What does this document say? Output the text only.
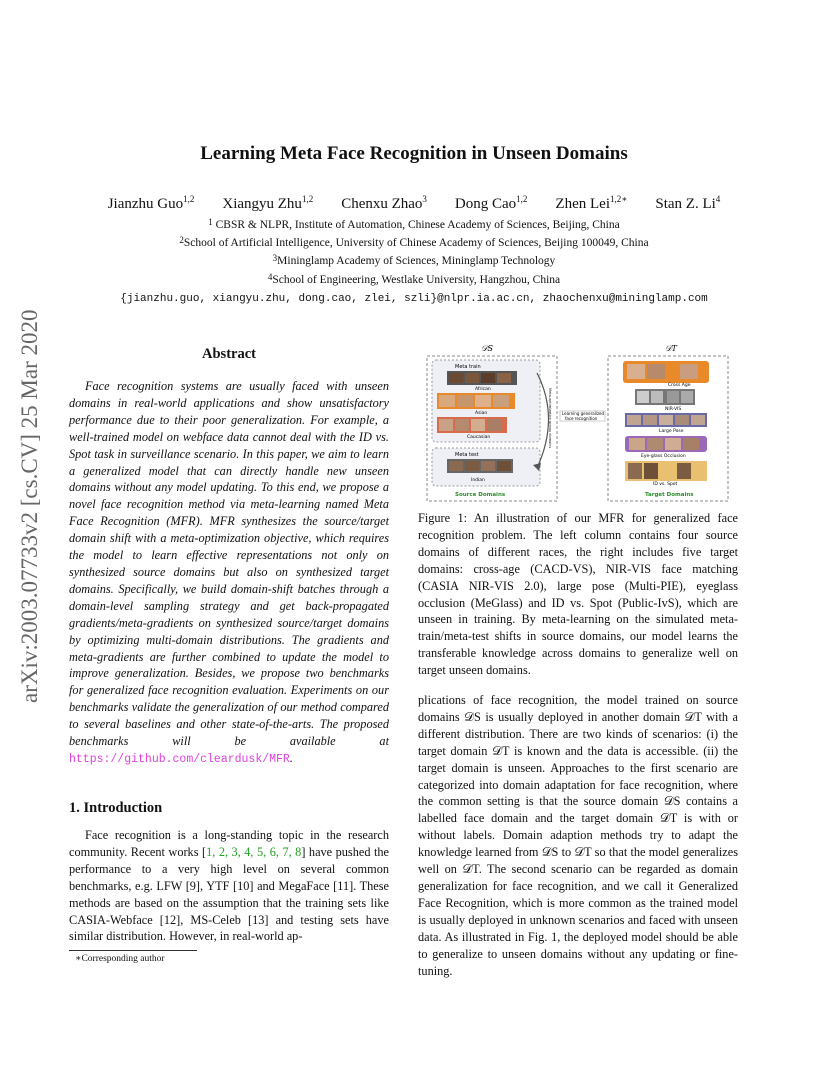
arXiv:2003.07733v2 [cs.CV] 25 Mar 2020
Learning Meta Face Recognition in Unseen Domains
Jianzhu Guo$^{1,2}$ Xiangyu Zhu$^{1,2}$ Chenxu Zhao$^3$ Dong Cao$^{1,2}$ Zhen Lei$^{1,2∗}$ Stan Z. Li$^4$
$^1$ CBSR & NLPR, Institute of Automation, Chinese Academy of Sciences, Beijing, China
$^2$School of Artificial Intelligence, University of Chinese Academy of Sciences, Beijing 100049, China
$^3$Mininglamp Academy of Sciences, Mininglamp Technology
$^4$School of Engineering, Westlake University, Hangzhou, China
{jianzhu.guo, xiangyu.zhu, dong.cao, zlei, szli}@nlpr.ia.ac.cn, zhaochenxu@mininglamp.com
Abstract
Face recognition systems are usually faced with unseen domains in real-world applications and show unsatisfactory performance due to their poor generalization. For example, a well-trained model on webface data cannot deal with the ID vs. Spot task in surveillance scenario. In this paper, we aim to learn a generalized model that can directly handle new unseen domains without any model updating. To this end, we propose a novel face recognition method via meta-learning named Meta Face Recognition (MFR). MFR synthesizes the source/target domain shift with a meta-optimization objective, which requires the model to learn effective representations not only on synthesized source domains but also on synthesized target domains. Specifically, we build domain-shift batches through a domain-level sampling strategy and get back-propagated gradients/meta-gradients on synthesized source/target domains by optimizing multi-domain distributions. The gradients and meta-gradients are further combined to update the model to improve generalization. Besides, we propose two benchmarks for generalized face recognition evaluation. Experiments on our benchmarks validate the generalization of our method compared to several baselines and other state-of-the-arts. The proposed benchmarks will be available at https://github.com/cleardusk/MFR.
1. Introduction
Face recognition is a long-standing topic in the research community. Recent works [1, 2, 3, 4, 5, 6, 7, 8] have pushed the performance to a very high level on several common benchmarks, e.g. LFW [9], YTF [10] and MegaFace [11]. These methods are based on the assumption that the training sets like CASIA-Webface [12], MS-Celeb [13] and testing sets have similar distribution. However, in real-world ap-
∗Corresponding author
𝒟S	𝒟T
Meta train
African
Asian
Caucasian
Meta test
Indian
Source Domains
Meta-optimization across domains	Learning generalized
face recognition
Cross Age
NIR-VIS
Large Pose
Eye-glass Occlusion
ID vs. Spot
Target Domains
Figure 1: An illustration of our MFR for generalized face recognition problem. The left column contains four source domains of different races, the right includes five target domains: cross-age (CACD-VS), NIR-VIS face matching (CASIA NIR-VIS 2.0), large pose (Multi-PIE), eyeglass occlusion (MeGlass) and ID vs. Spot (Public-IvS), which are unseen in training. By meta-learning on the simulated meta-train/meta-test shifts in source domains, our model learns the transferable knowledge across domains to generalize well on target unseen domains.
plications of face recognition, the model trained on source domains 𝒟S is usually deployed in another domain 𝒟T with a different distribution. There are two kinds of scenarios: (i) the target domain 𝒟T is known and the data is accessible. (ii) the target domain is unseen. Approaches to the first scenario are categorized into domain adaptation for face recognition, where the common setting is that the source domain 𝒟S contains a labelled face domain and the target domain 𝒟T is with or without labels. Domain adaption methods try to adapt the knowledge learned from 𝒟S to 𝒟T so that the model generalizes well on 𝒟T. The second scenario can be regarded as domain generalization for face recognition, and we call it Generalized Face Recognition, which is more common as the trained model is usually deployed in unknown scenarios and faced with unseen data. As illustrated in Fig. 1, the deployed model should be able to generalize to unseen domains without any updating or fine-tuning.
